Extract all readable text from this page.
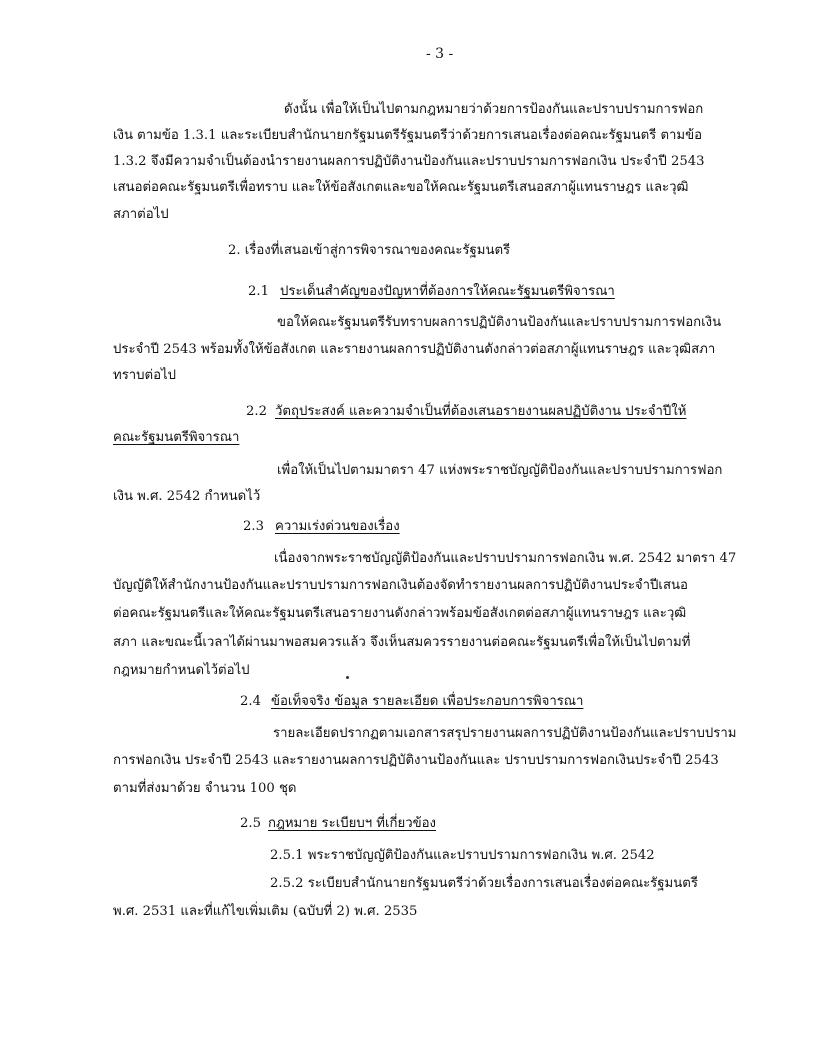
- 3 -
ดังนั้น เพื่อให้เป็นไปตามกฎหมายว่าด้วยการป้องกันและปราบปรามการฟอก
เงิน ตามข้อ 1.3.1 และระเบียบสำนักนายกรัฐมนตรีรัฐมนตรีว่าด้วยการเสนอเรื่องต่อคณะรัฐมนตรี ตามข้อ
1.3.2 จึงมีความจำเป็นต้องนำรายงานผลการปฏิบัติงานป้องกันและปราบปรามการฟอกเงิน ประจำปี 2543
เสนอต่อคณะรัฐมนตรีเพื่อทราบ และให้ข้อสังเกตและขอให้คณะรัฐมนตรีเสนอสภาผู้แทนราษฎร และวุฒิ
สภาต่อไป
2. เรื่องที่เสนอเข้าสู่การพิจารณาของคณะรัฐมนตรี
2.1 ประเด็นสำคัญของปัญหาที่ต้องการให้คณะรัฐมนตรีพิจารณา
ขอให้คณะรัฐมนตรีรับทราบผลการปฏิบัติงานป้องกันและปราบปรามการฟอกเงิน
ประจำปี 2543 พร้อมทั้งให้ข้อสังเกต และรายงานผลการปฏิบัติงานดังกล่าวต่อสภาผู้แทนราษฎร และวุฒิสภา
ทราบต่อไป
2.2 วัตถุประสงค์ และความจำเป็นที่ต้องเสนอรายงานผลปฏิบัติงาน ประจำปีให้
คณะรัฐมนตรีพิจารณา
เพื่อให้เป็นไปตามมาตรา 47 แห่งพระราชบัญญัติป้องกันและปราบปรามการฟอก
เงิน พ.ศ. 2542 กำหนดไว้
2.3 ความเร่งด่วนของเรื่อง
เนื่องจากพระราชบัญญัติป้องกันและปราบปรามการฟอกเงิน พ.ศ. 2542 มาตรา 47
บัญญัติให้สำนักงานป้องกันและปราบปรามการฟอกเงินต้องจัดทำรายงานผลการปฏิบัติงานประจำปีเสนอ
ต่อคณะรัฐมนตรีและให้คณะรัฐมนตรีเสนอรายงานดังกล่าวพร้อมข้อสังเกตต่อสภาผู้แทนราษฎร และวุฒิ
สภา และขณะนี้เวลาได้ผ่านมาพอสมควรแล้ว จึงเห็นสมควรรายงานต่อคณะรัฐมนตรีเพื่อให้เป็นไปตามที่
กฎหมายกำหนดไว้ต่อไป
2.4 ข้อเท็จจริง ข้อมูล รายละเอียด เพื่อประกอบการพิจารณา
รายละเอียดปรากฏตามเอกสารสรุปรายงานผลการปฏิบัติงานป้องกันและปราบปราม
การฟอกเงิน ประจำปี 2543 และรายงานผลการปฏิบัติงานป้องกันและ ปราบปรามการฟอกเงินประจำปี 2543
ตามที่ส่งมาด้วย จำนวน 100 ชุด
2.5 กฎหมาย ระเบียบฯ ที่เกี่ยวข้อง
2.5.1 พระราชบัญญัติป้องกันและปราบปรามการฟอกเงิน พ.ศ. 2542
2.5.2 ระเบียบสำนักนายกรัฐมนตรีว่าด้วยเรื่องการเสนอเรื่องต่อคณะรัฐมนตรี
พ.ศ. 2531 และที่แก้ไขเพิ่มเติม (ฉบับที่ 2) พ.ศ. 2535
